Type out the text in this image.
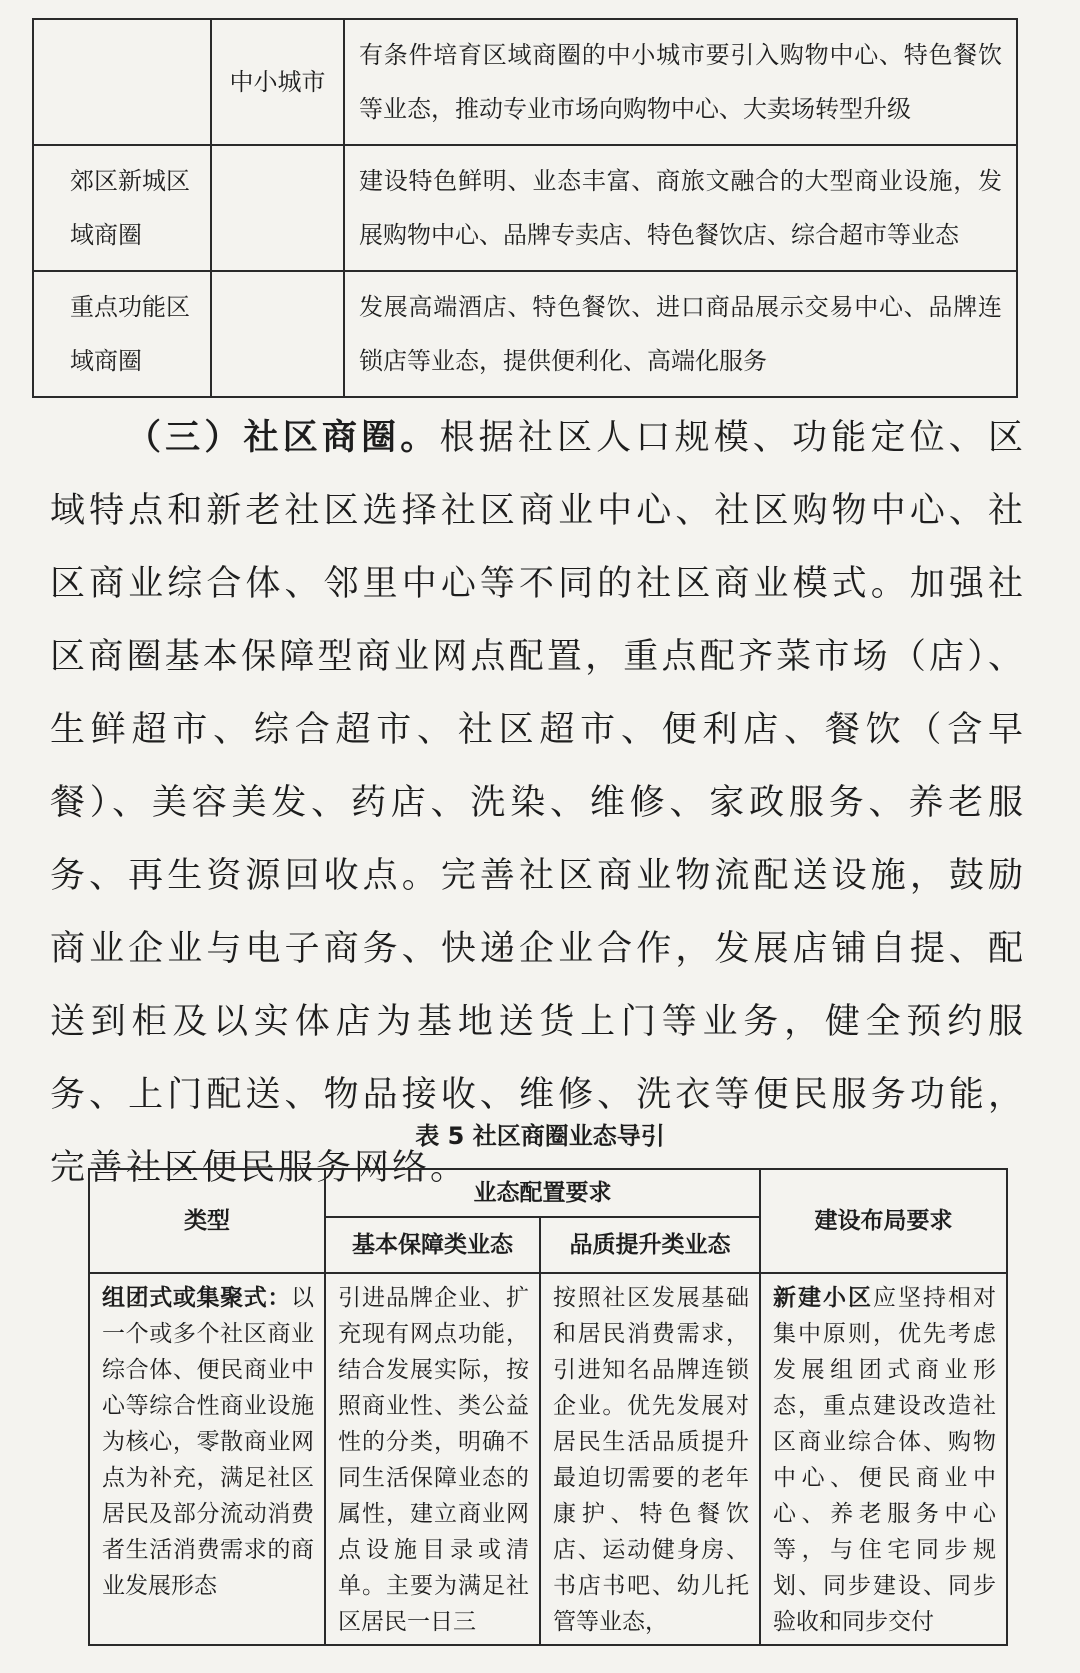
	中小城市	有条件培育区域商圈的中小城市要引入购物中心、特色餐饮等业态，推动专业市场向购物中心、大卖场转型升级
郊区新城区域商圈		建设特色鲜明、业态丰富、商旅文融合的大型商业设施，发展购物中心、品牌专卖店、特色餐饮店、综合超市等业态
重点功能区域商圈		发展高端酒店、特色餐饮、进口商品展示交易中心、品牌连锁店等业态，提供便利化、高端化服务

（三）社区商圈。根据社区人口规模、功能定位、区域特点和新老社区选择社区商业中心、社区购物中心、社区商业综合体、邻里中心等不同的社区商业模式。加强社区商圈基本保障型商业网点配置，重点配齐菜市场（店）、生鲜超市、综合超市、社区超市、便利店、餐饮（含早餐）、美容美发、药店、洗染、维修、家政服务、养老服务、再生资源回收点。完善社区商业物流配送设施，鼓励商业企业与电子商务、快递企业合作，发展店铺自提、配送到柜及以实体店为基地送货上门等业务，健全预约服务、上门配送、物品接收、维修、洗衣等便民服务功能，完善社区便民服务网络。

表 5 社区商圈业态导引
类型	业态配置要求		建设布局要求
	基本保障类业态	品质提升类业态	
组团式或集聚式：以一个或多个社区商业综合体、便民商业中心等综合性商业设施为核心，零散商业网点为补充，满足社区居民及部分流动消费者生活消费需求的商业发展形态	引进品牌企业、扩充现有网点功能，结合发展实际，按照商业性、类公益性的分类，明确不同生活保障业态的属性，建立商业网点设施目录或清单。主要为满足社区居民一日三	按照社区发展基础和居民消费需求，引进知名品牌连锁企业。优先发展对居民生活品质提升最迫切需要的老年康护、特色餐饮店、运动健身房、书店书吧、幼儿托管等业态，	新建小区应坚持相对集中原则，优先考虑发展组团式商业形态，重点建设改造社区商业综合体、购物中心、便民商业中心、养老服务中心等，与住宅同步规划、同步建设、同步验收和同步交付
